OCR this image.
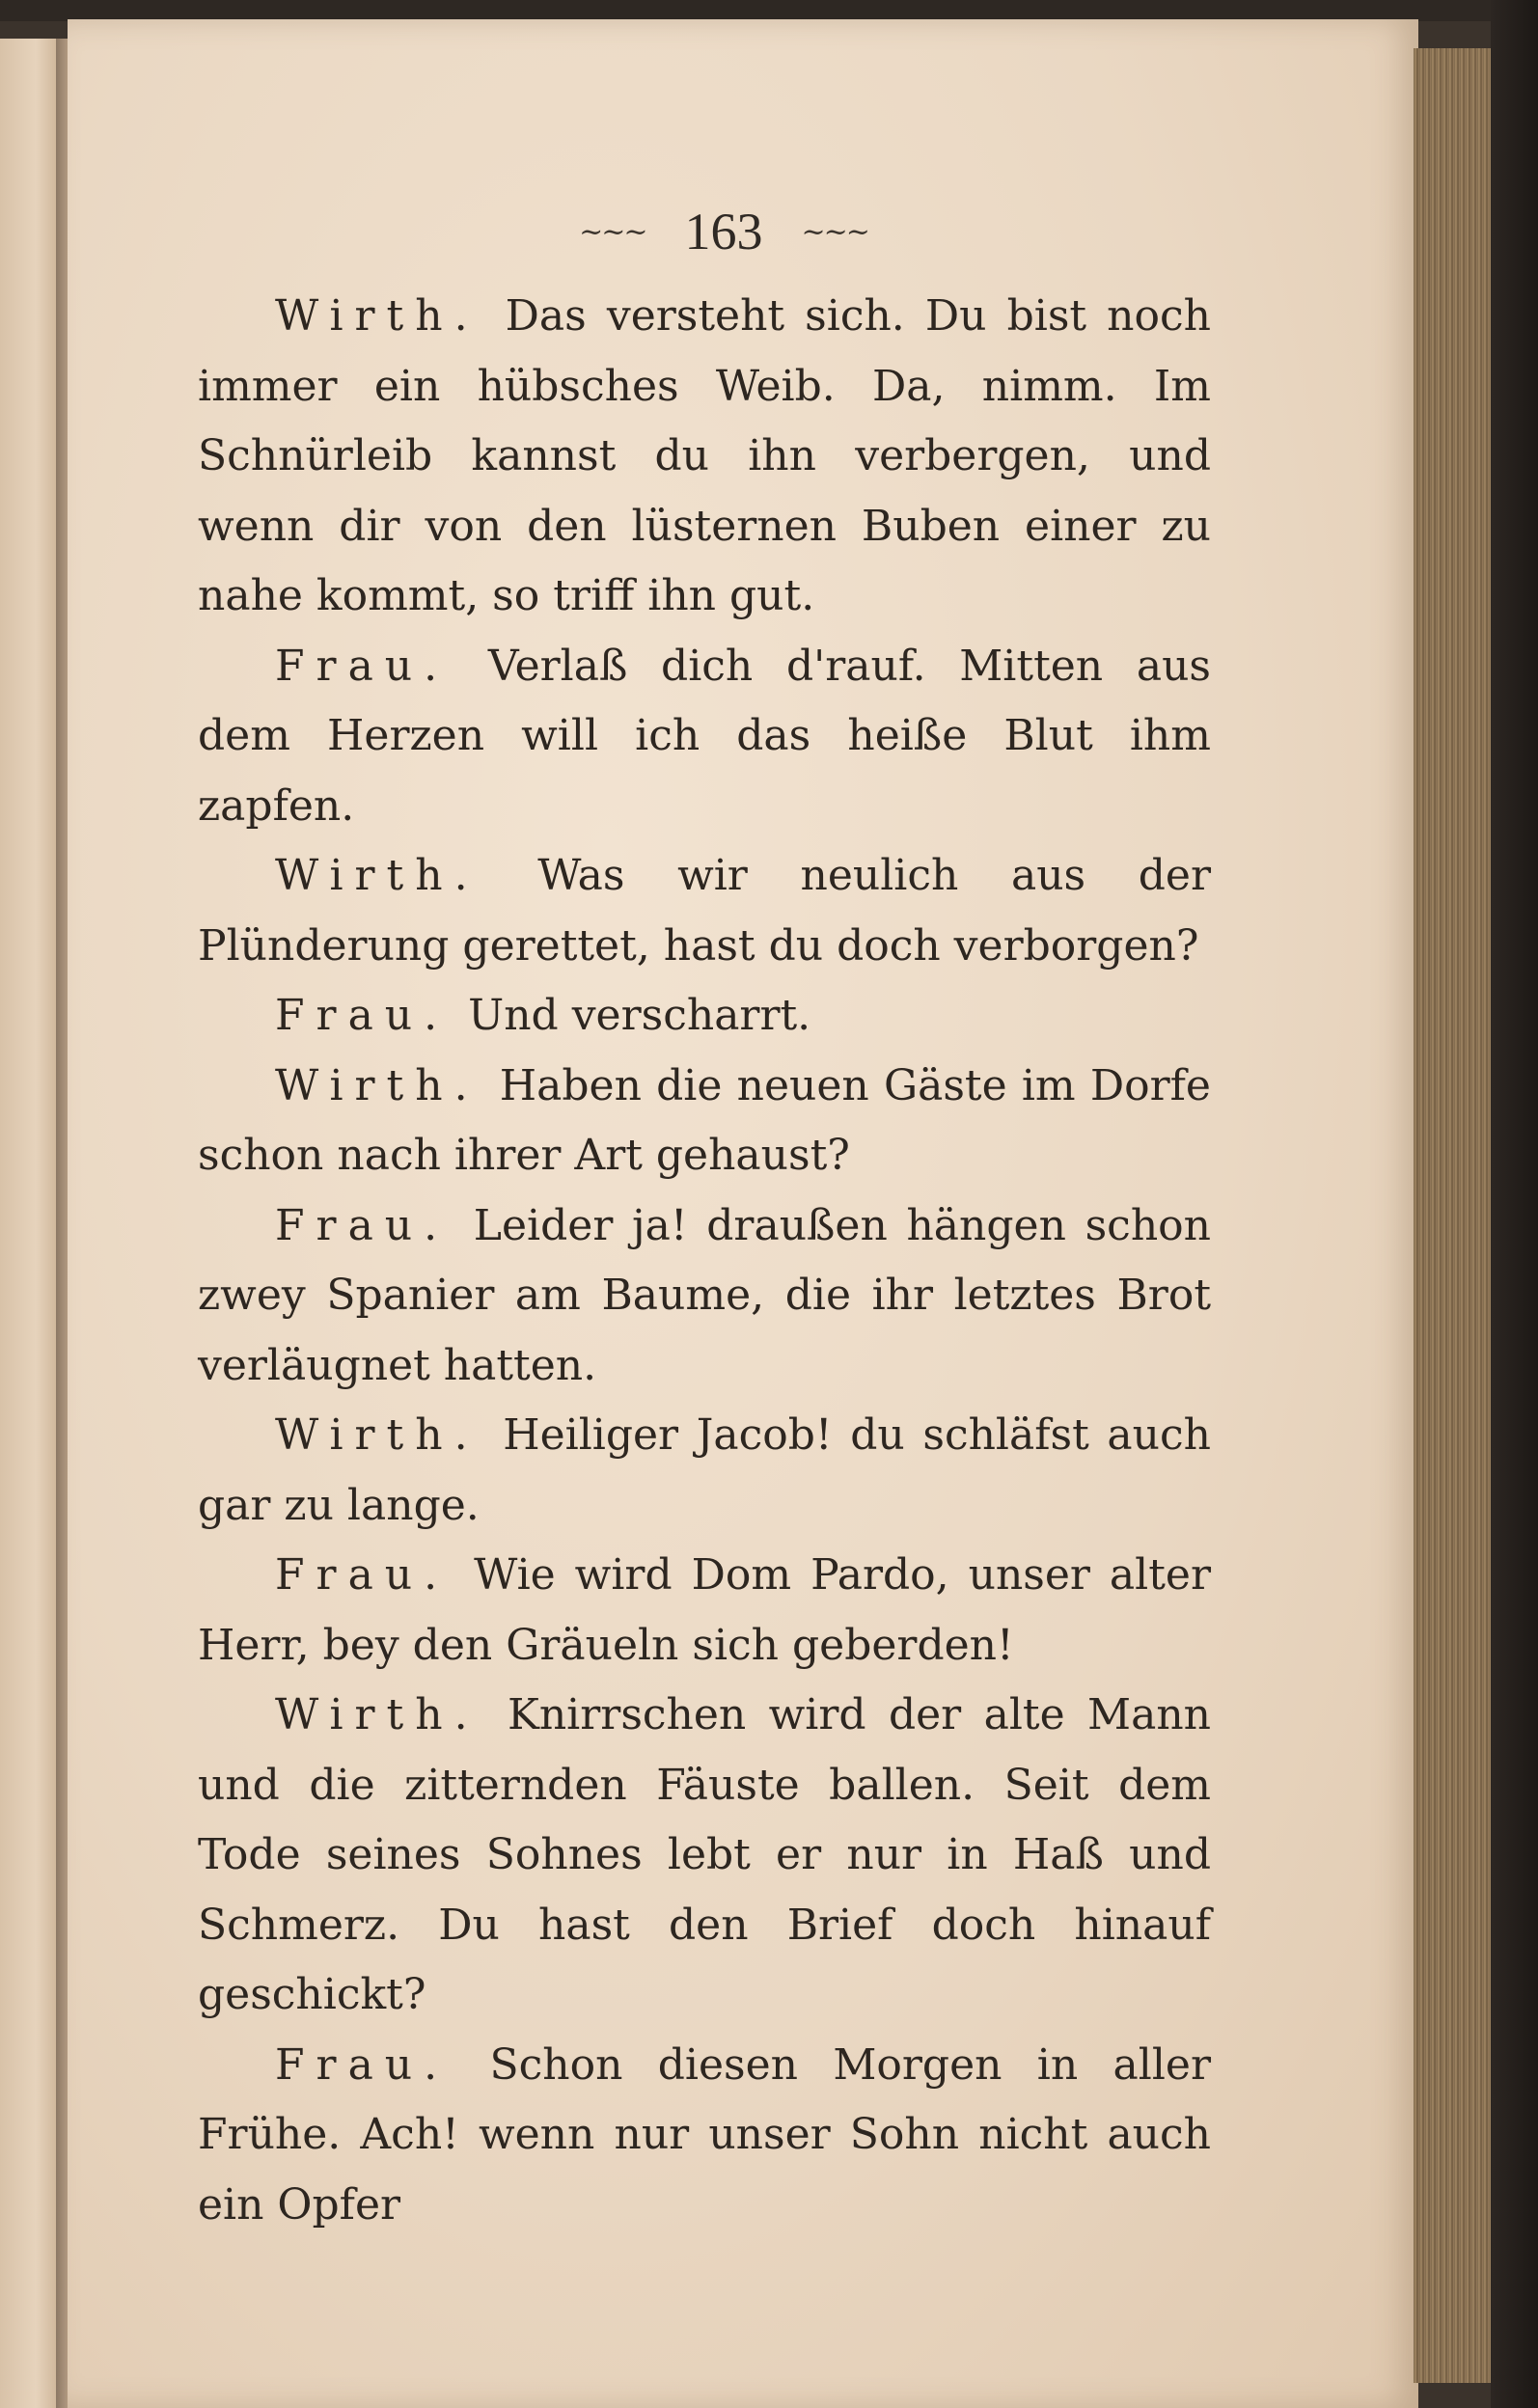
~~~ 163 ~~~

Wirth. Das versteht sich. Du bist noch immer ein hübsches Weib. Da, nimm. Im Schnürleib kannst du ihn verbergen, und wenn dir von den lüsternen Buben einer zu nahe kommt, so triff ihn gut.

Frau. Verlaß dich d'rauf. Mitten aus dem Herzen will ich das heiße Blut ihm zapfen.

Wirth. Was wir neulich aus der Plünderung gerettet, hast du doch verborgen?

Frau. Und verscharrt.

Wirth. Haben die neuen Gäste im Dorfe schon nach ihrer Art gehaust?

Frau. Leider ja! draußen hängen schon zwey Spanier am Baume, die ihr letztes Brot verläugnet hatten.

Wirth. Heiliger Jacob! du schläfst auch gar zu lange.

Frau. Wie wird Dom Pardo, unser alter Herr, bey den Gräueln sich geberden!

Wirth. Knirrschen wird der alte Mann und die zitternden Fäuste ballen. Seit dem Tode seines Sohnes lebt er nur in Haß und Schmerz. Du hast den Brief doch hinauf geschickt?

Frau. Schon diesen Morgen in aller Frühe. Ach! wenn nur unser Sohn nicht auch ein Opfer
